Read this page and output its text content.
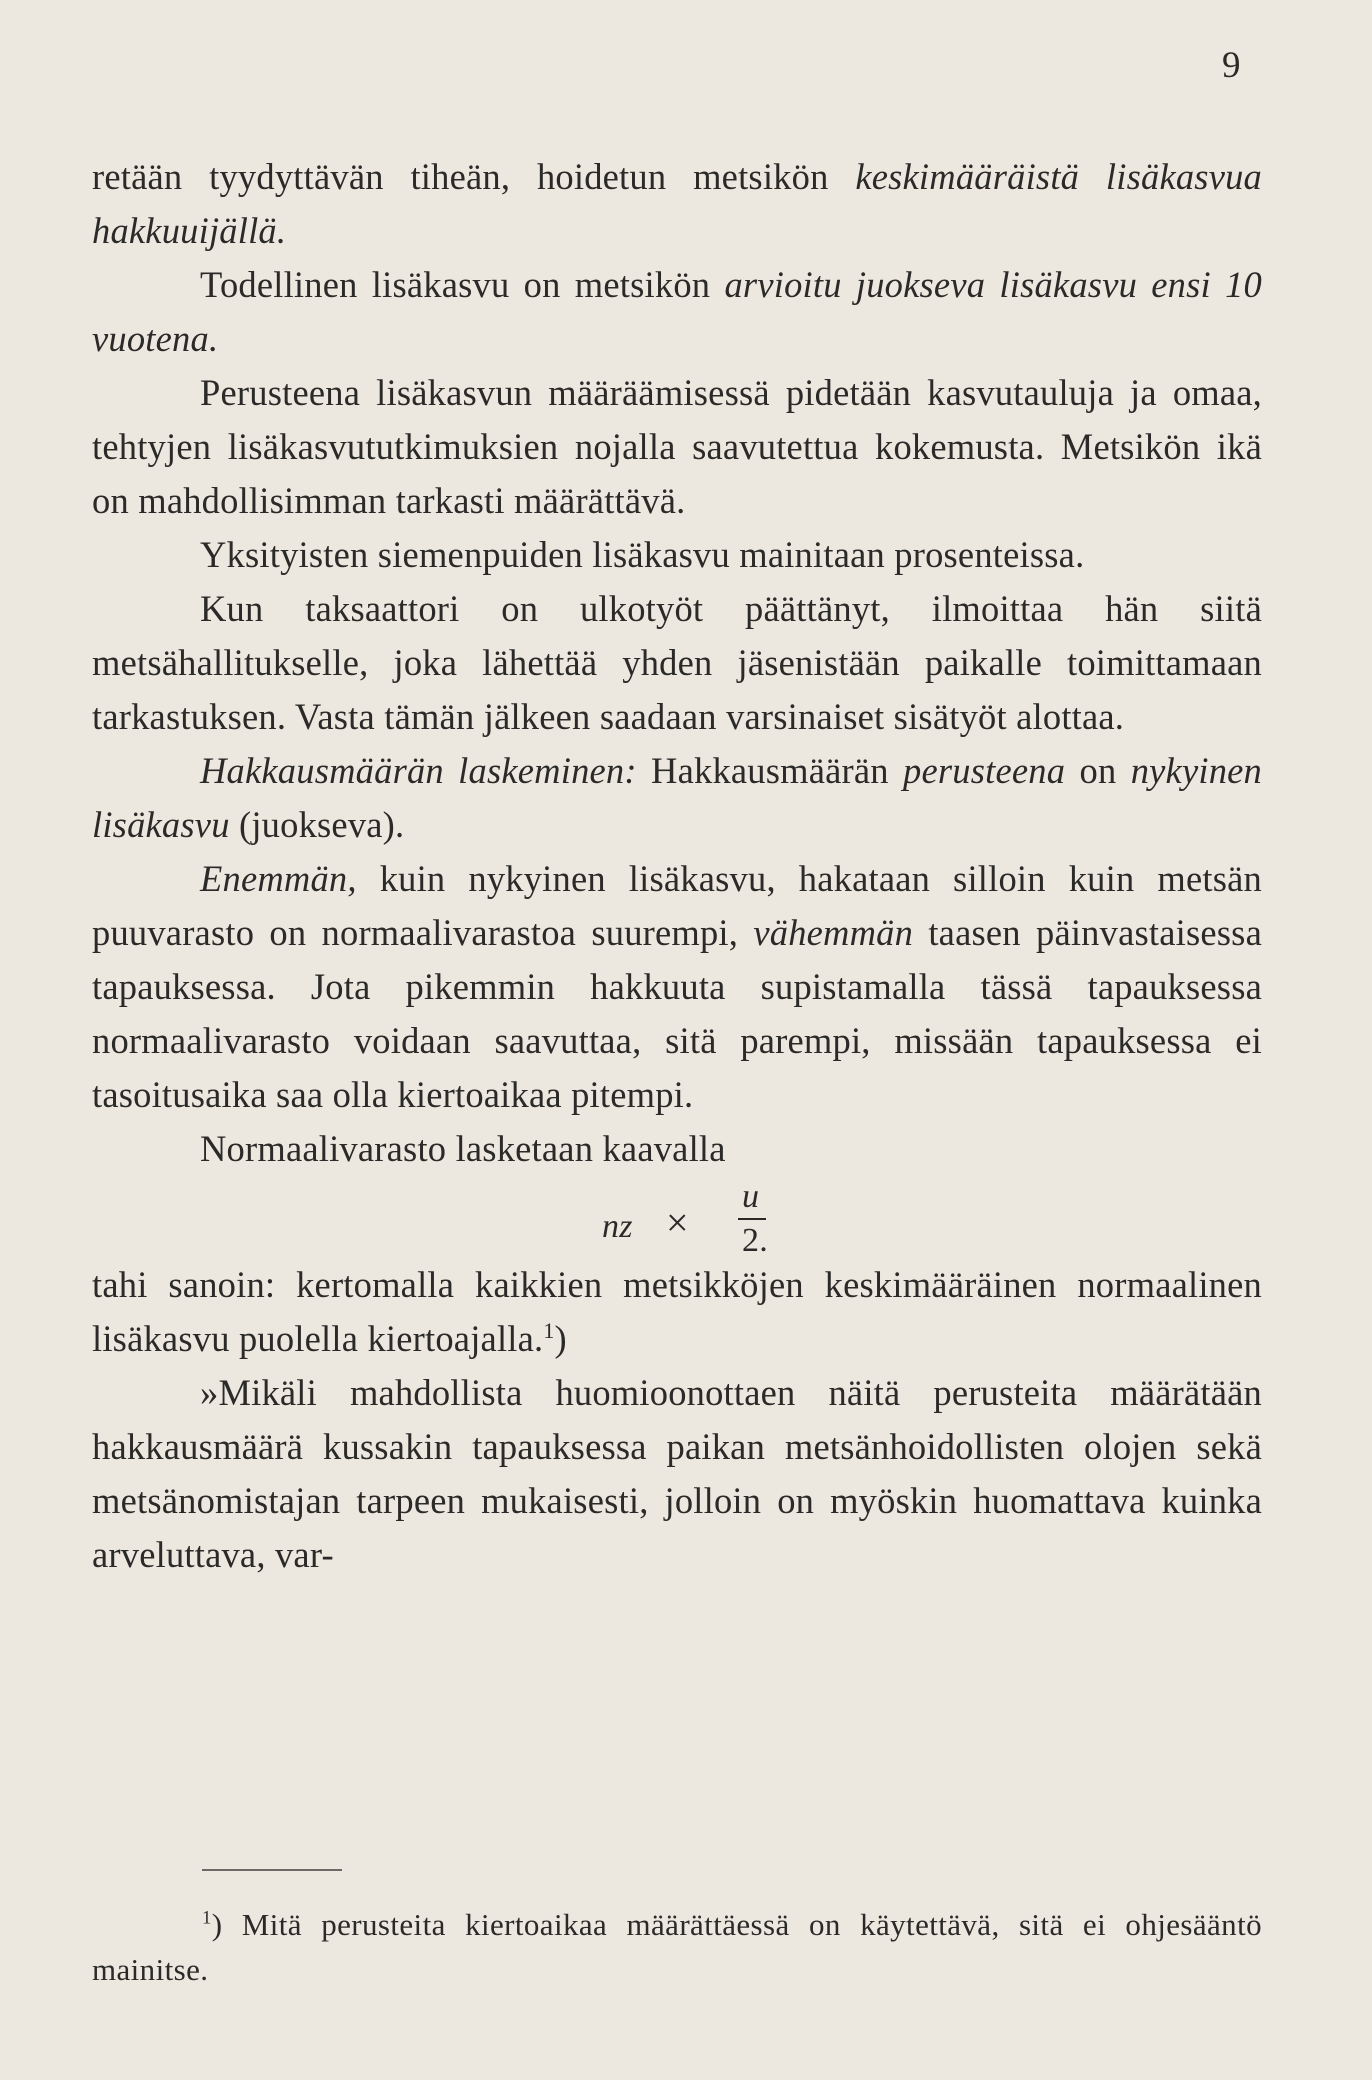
9

retään tyydyttävän tiheän, hoidetun metsikön keskimääräistä lisäkasvua hakkuuijällä.

Todellinen lisäkasvu on metsikön arvioitu juokseva lisäkasvu ensi 10 vuotena.

Perusteena lisäkasvun määräämisessä pidetään kasvutauluja ja omaa, tehtyjen lisäkasvututkimuksien nojalla saavutettua kokemusta. Metsikön ikä on mahdollisimman tarkasti määrättävä.

Yksityisten siemenpuiden lisäkasvu mainitaan prosenteissa.

Kun taksaattori on ulkotyöt päättänyt, ilmoittaa hän siitä metsähallitukselle, joka lähettää yhden jäsenistään paikalle toimittamaan tarkastuksen. Vasta tämän jälkeen saadaan varsinaiset sisätyöt alottaa.

Hakkausmäärän laskeminen: Hakkausmäärän perusteena on nykyinen lisäkasvu (juokseva).

Enemmän, kuin nykyinen lisäkasvu, hakataan silloin kuin metsän puuvarasto on normaalivarastoa suurempi, vähemmän taasen päinvastaisessa tapauksessa. Jota pikemmin hakkuuta supistamalla tässä tapauksessa normaalivarasto voidaan saavuttaa, sitä parempi, missään tapauksessa ei tasoitusaika saa olla kiertoaikaa pitempi.

Normaalivarasto lasketaan kaavalla

nz ×
u
2.

tahi sanoin: kertomalla kaikkien metsikköjen keskimääräinen normaalinen lisäkasvu puolella kiertoajalla.$^1$)

»Mikäli mahdollista huomioonottaen näitä perusteita määrätään hakkausmäärä kussakin tapauksessa paikan metsänhoidollisten olojen sekä metsänomistajan tarpeen mukaisesti, jolloin on myöskin huomattava kuinka arveluttava, var-

$^1$) Mitä perusteita kiertoaikaa määrättäessä on käytettävä, sitä ei ohjesääntö mainitse.
